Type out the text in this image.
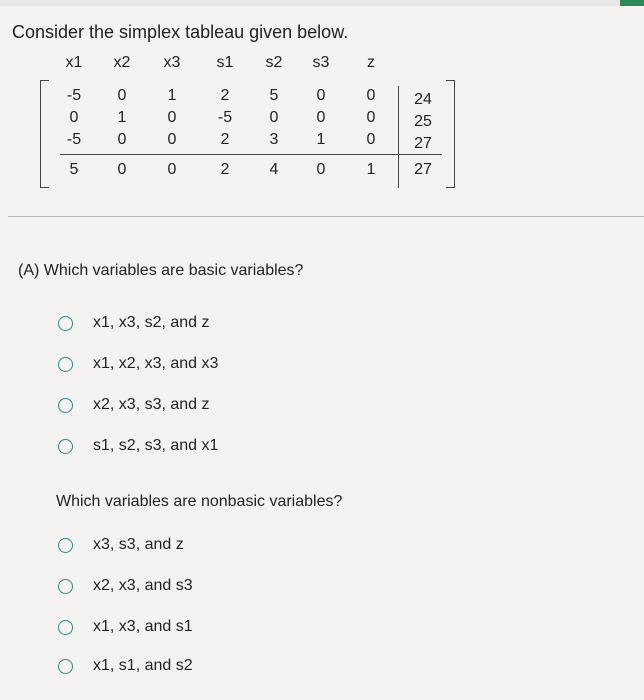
Consider the simplex tableau given below.
x1	x2	x3	s1	s2	s3	z
-5	0	1	2	5	0	0	24
0	1	0	-5	0	0	0	25
-5	0	0	2	3	1	0	27
5	0	0	2	4	0	1	27
(A) Which variables are basic variables?
x1, x3, s2, and z
x1, x2, x3, and x3
x2, x3, s3, and z
s1, s2, s3, and x1
Which variables are nonbasic variables?
x3, s3, and z
x2, x3, and s3
x1, x3, and s1
x1, s1, and s2
